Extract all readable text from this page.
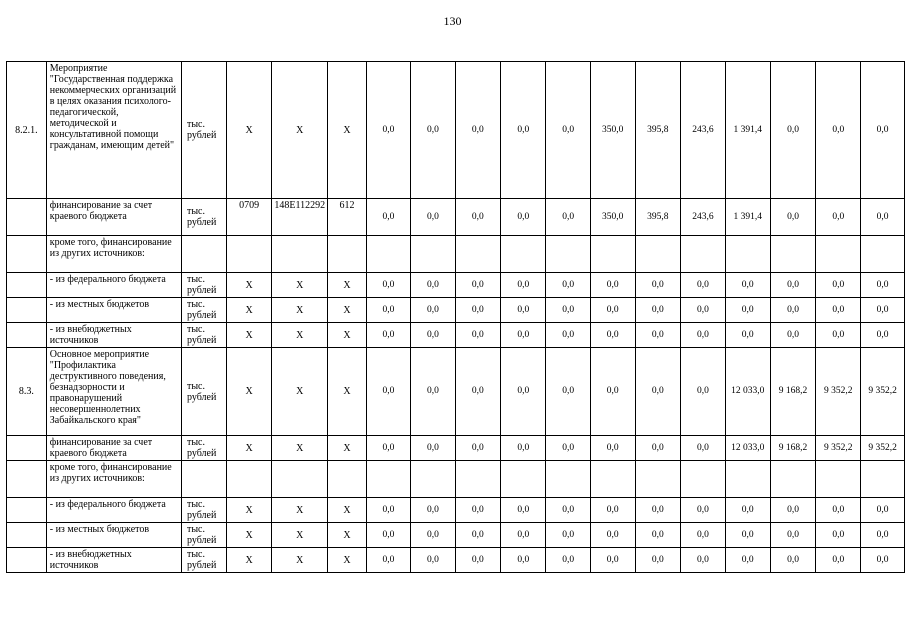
130
8.2.1.	Мероприятие "Государственная поддержка некоммерческих организаций в целях оказания психолого-педагогической, методической и консультативной помощи гражданам, имеющим детей"	тыс. рублей	X	X	X	0,0	0,0	0,0	0,0	0,0	350,0	395,8	243,6	1 391,4	0,0	0,0	0,0
	финансирование за счет краевого бюджета	тыс. рублей	0709	148Е112292	612	0,0	0,0	0,0	0,0	0,0	350,0	395,8	243,6	1 391,4	0,0	0,0	0,0
	кроме того, финансирование из других источников:																
	- из федерального бюджета	тыс. рублей	X	X	X	0,0	0,0	0,0	0,0	0,0	0,0	0,0	0,0	0,0	0,0	0,0	0,0
	- из местных бюджетов	тыс. рублей	X	X	X	0,0	0,0	0,0	0,0	0,0	0,0	0,0	0,0	0,0	0,0	0,0	0,0
	- из внебюджетных источников	тыс. рублей	X	X	X	0,0	0,0	0,0	0,0	0,0	0,0	0,0	0,0	0,0	0,0	0,0	0,0
8.3.	Основное мероприятие "Профилактика деструктивного поведения, безнадзорности и правонарушений несовершеннолетних Забайкальского края"	тыс. рублей	X	X	X	0,0	0,0	0,0	0,0	0,0	0,0	0,0	0,0	12 033,0	9 168,2	9 352,2	9 352,2
	финансирование за счет краевого бюджета	тыс. рублей	X	X	X	0,0	0,0	0,0	0,0	0,0	0,0	0,0	0,0	12 033,0	9 168,2	9 352,2	9 352,2
	кроме того, финансирование из других источников:																
	- из федерального бюджета	тыс. рублей	X	X	X	0,0	0,0	0,0	0,0	0,0	0,0	0,0	0,0	0,0	0,0	0,0	0,0
	- из местных бюджетов	тыс. рублей	X	X	X	0,0	0,0	0,0	0,0	0,0	0,0	0,0	0,0	0,0	0,0	0,0	0,0
	- из внебюджетных источников	тыс. рублей	X	X	X	0,0	0,0	0,0	0,0	0,0	0,0	0,0	0,0	0,0	0,0	0,0	0,0
